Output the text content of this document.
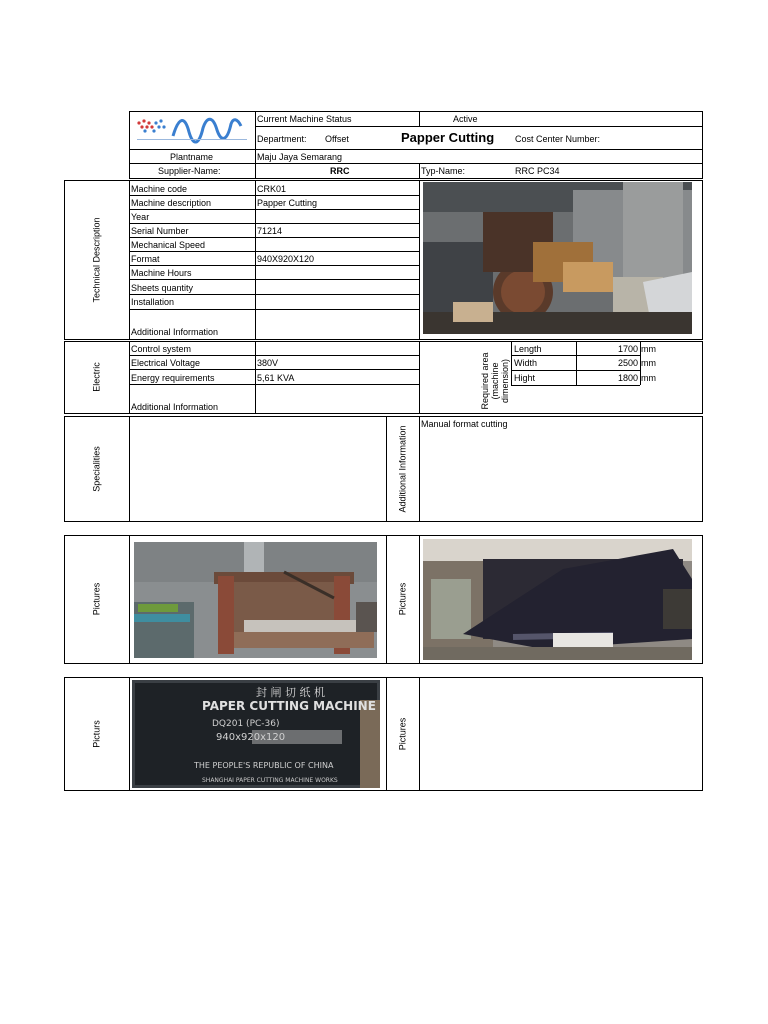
Current Machine Status	Active
Department: Offset	Papper Cutting Cost Center Number:
Plantname	Maju Jaya Semarang
Supplier-Name:	RRC	Typ-Name:	RRC PC34
Technical Description
Machine code	CRK01
Machine description	Papper Cutting
Year
Serial Number	71214
Mechanical Speed
Format	940X920X120
Machine Hours
Sheets quantity
Installation
Additional Information
Electric
Control system
Electrical Voltage	380V
Energy requirements	5,61 KVA
Additional Information	Required area (machine dimension)
Length	1700 mm
Width	2500 mm
Hight	1800 mm
Specialities	Additional Information
Manual format cutting
Pictures	Pictures
Picturs	Pictures
封 闸 切 纸 机
PAPER CUTTING MACHINE
DQ201 (PC-36)
940x920x120
THE PEOPLE'S REPUBLIC OF CHINA
SHANGHAI PAPER CUTTING MACHINE WORKS
